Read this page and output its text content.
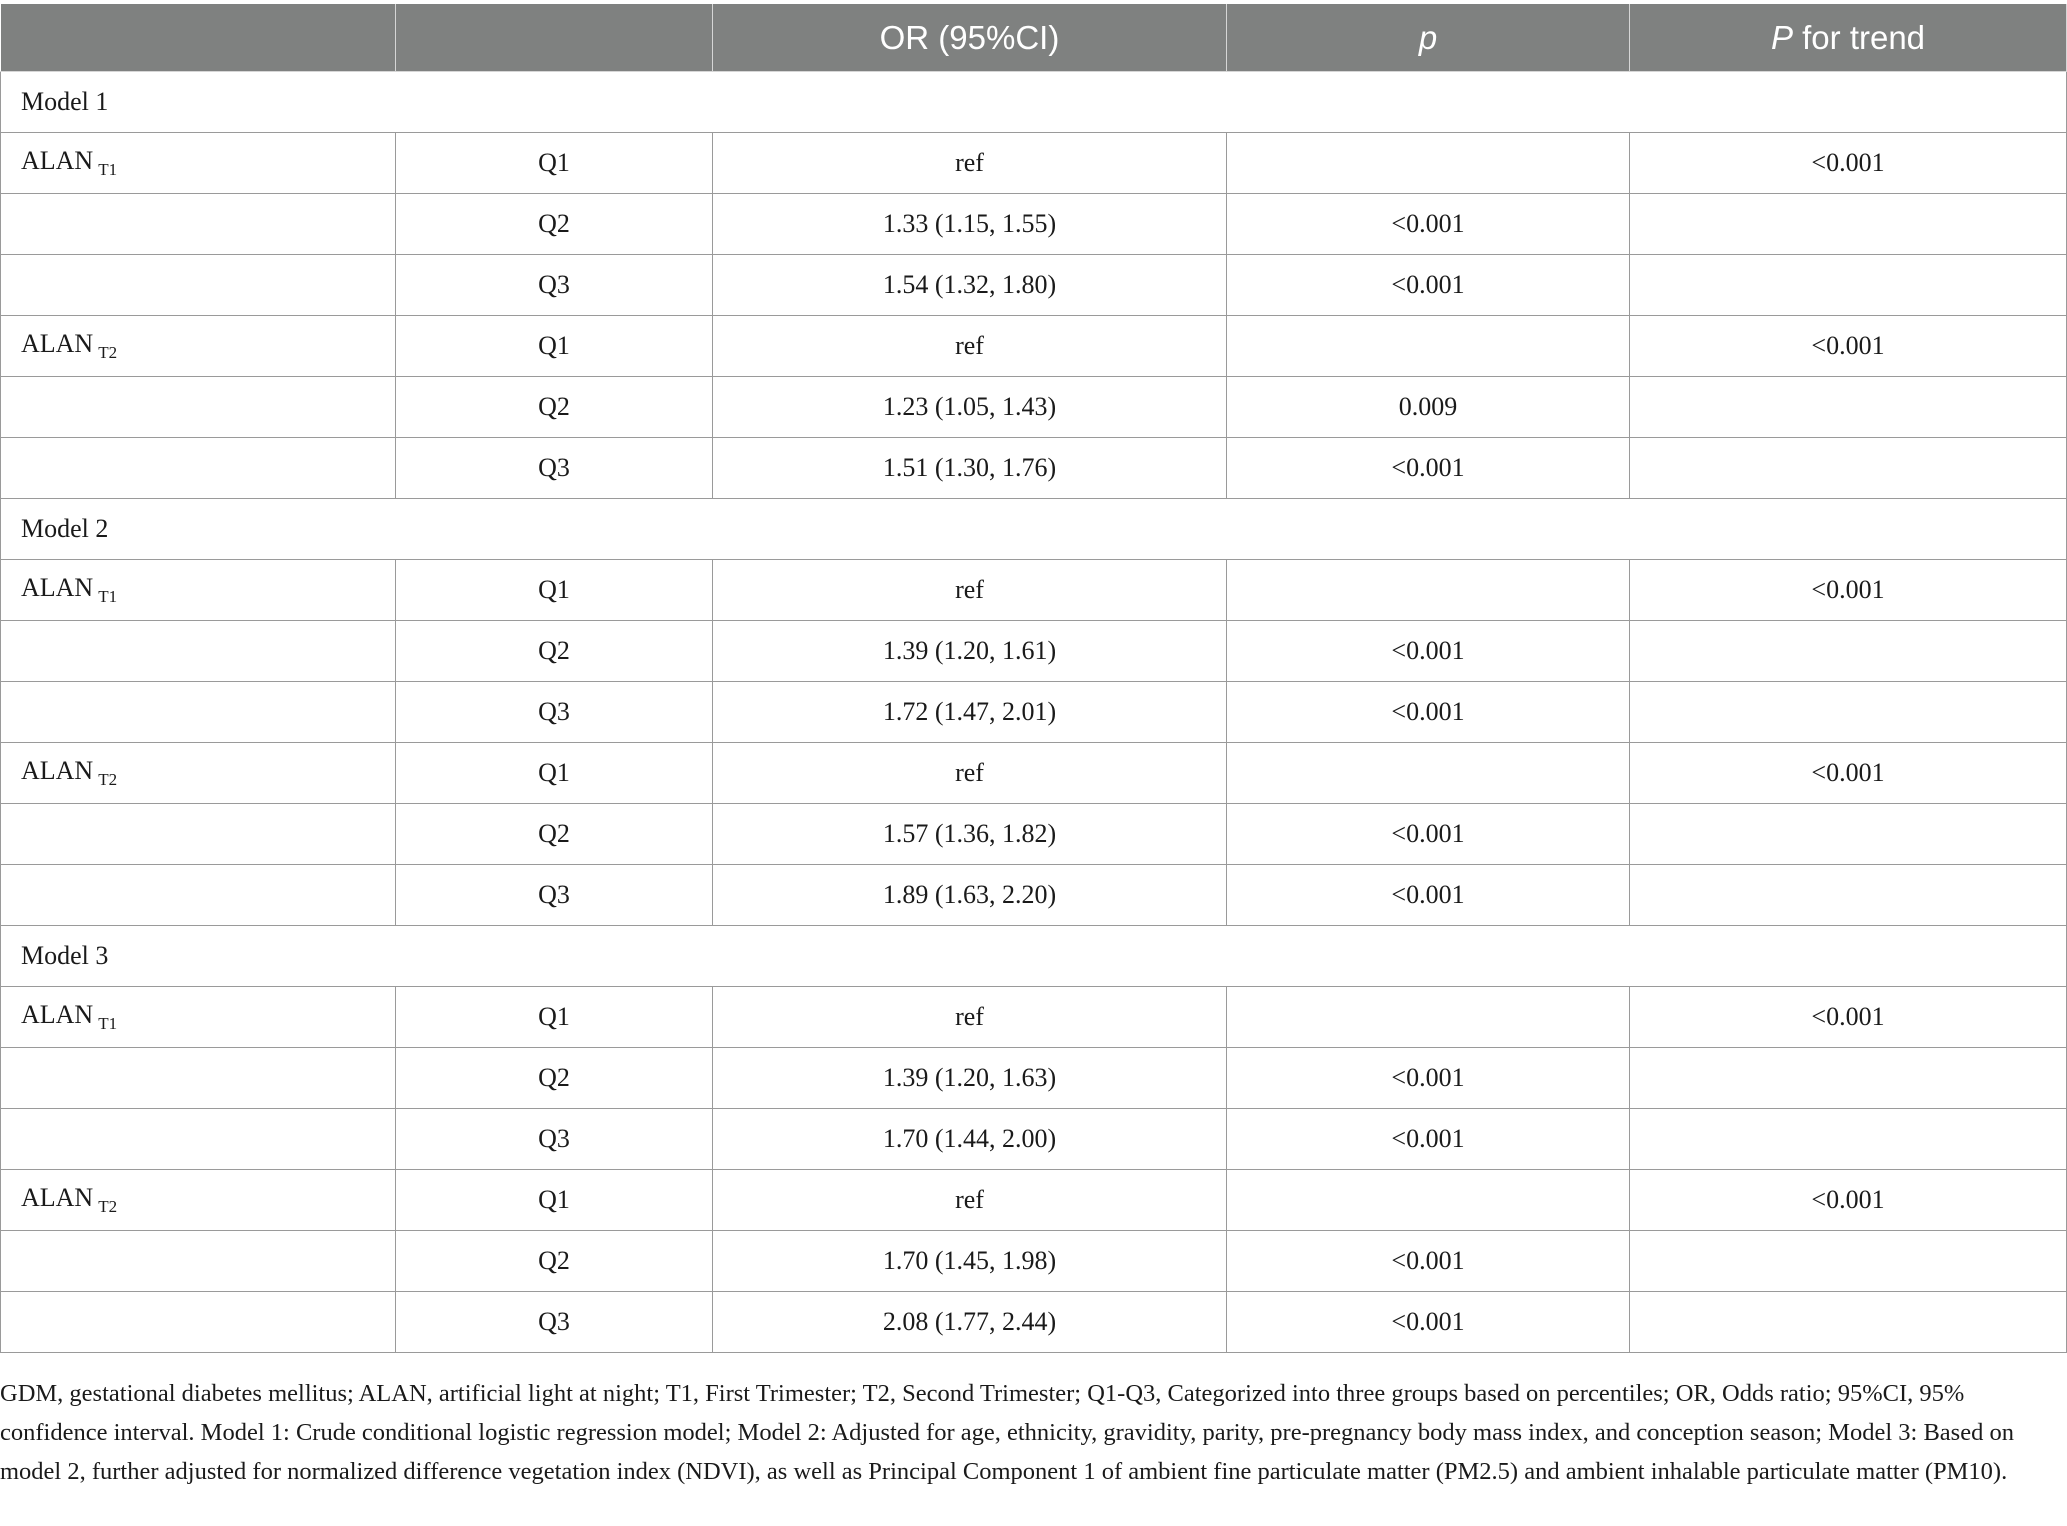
		OR (95%CI)	p	P for trend
Model 1				
ALAN $_{T1}$	Q1	ref		<0.001
	Q2	1.33 (1.15, 1.55)	<0.001	
	Q3	1.54 (1.32, 1.80)	<0.001	
ALAN $_{T2}$	Q1	ref		<0.001
	Q2	1.23 (1.05, 1.43)	0.009	
	Q3	1.51 (1.30, 1.76)	<0.001	
Model 2				
ALAN $_{T1}$	Q1	ref		<0.001
	Q2	1.39 (1.20, 1.61)	<0.001	
	Q3	1.72 (1.47, 2.01)	<0.001	
ALAN $_{T2}$	Q1	ref		<0.001
	Q2	1.57 (1.36, 1.82)	<0.001	
	Q3	1.89 (1.63, 2.20)	<0.001	
Model 3				
ALAN $_{T1}$	Q1	ref		<0.001
	Q2	1.39 (1.20, 1.63)	<0.001	
	Q3	1.70 (1.44, 2.00)	<0.001	
ALAN $_{T2}$	Q1	ref		<0.001
	Q2	1.70 (1.45, 1.98)	<0.001	
	Q3	2.08 (1.77, 2.44)	<0.001	

GDM, gestational diabetes mellitus; ALAN, artificial light at night; T1, First Trimester; T2, Second Trimester; Q1-Q3, Categorized into three groups based on percentiles; OR, Odds ratio; 95%CI, 95% confidence interval. Model 1: Crude conditional logistic regression model; Model 2: Adjusted for age, ethnicity, gravidity, parity, pre-pregnancy body mass index, and conception season; Model 3: Based on model 2, further adjusted for normalized difference vegetation index (NDVI), as well as Principal Component 1 of ambient fine particulate matter (PM2.5) and ambient inhalable particulate matter (PM10).
